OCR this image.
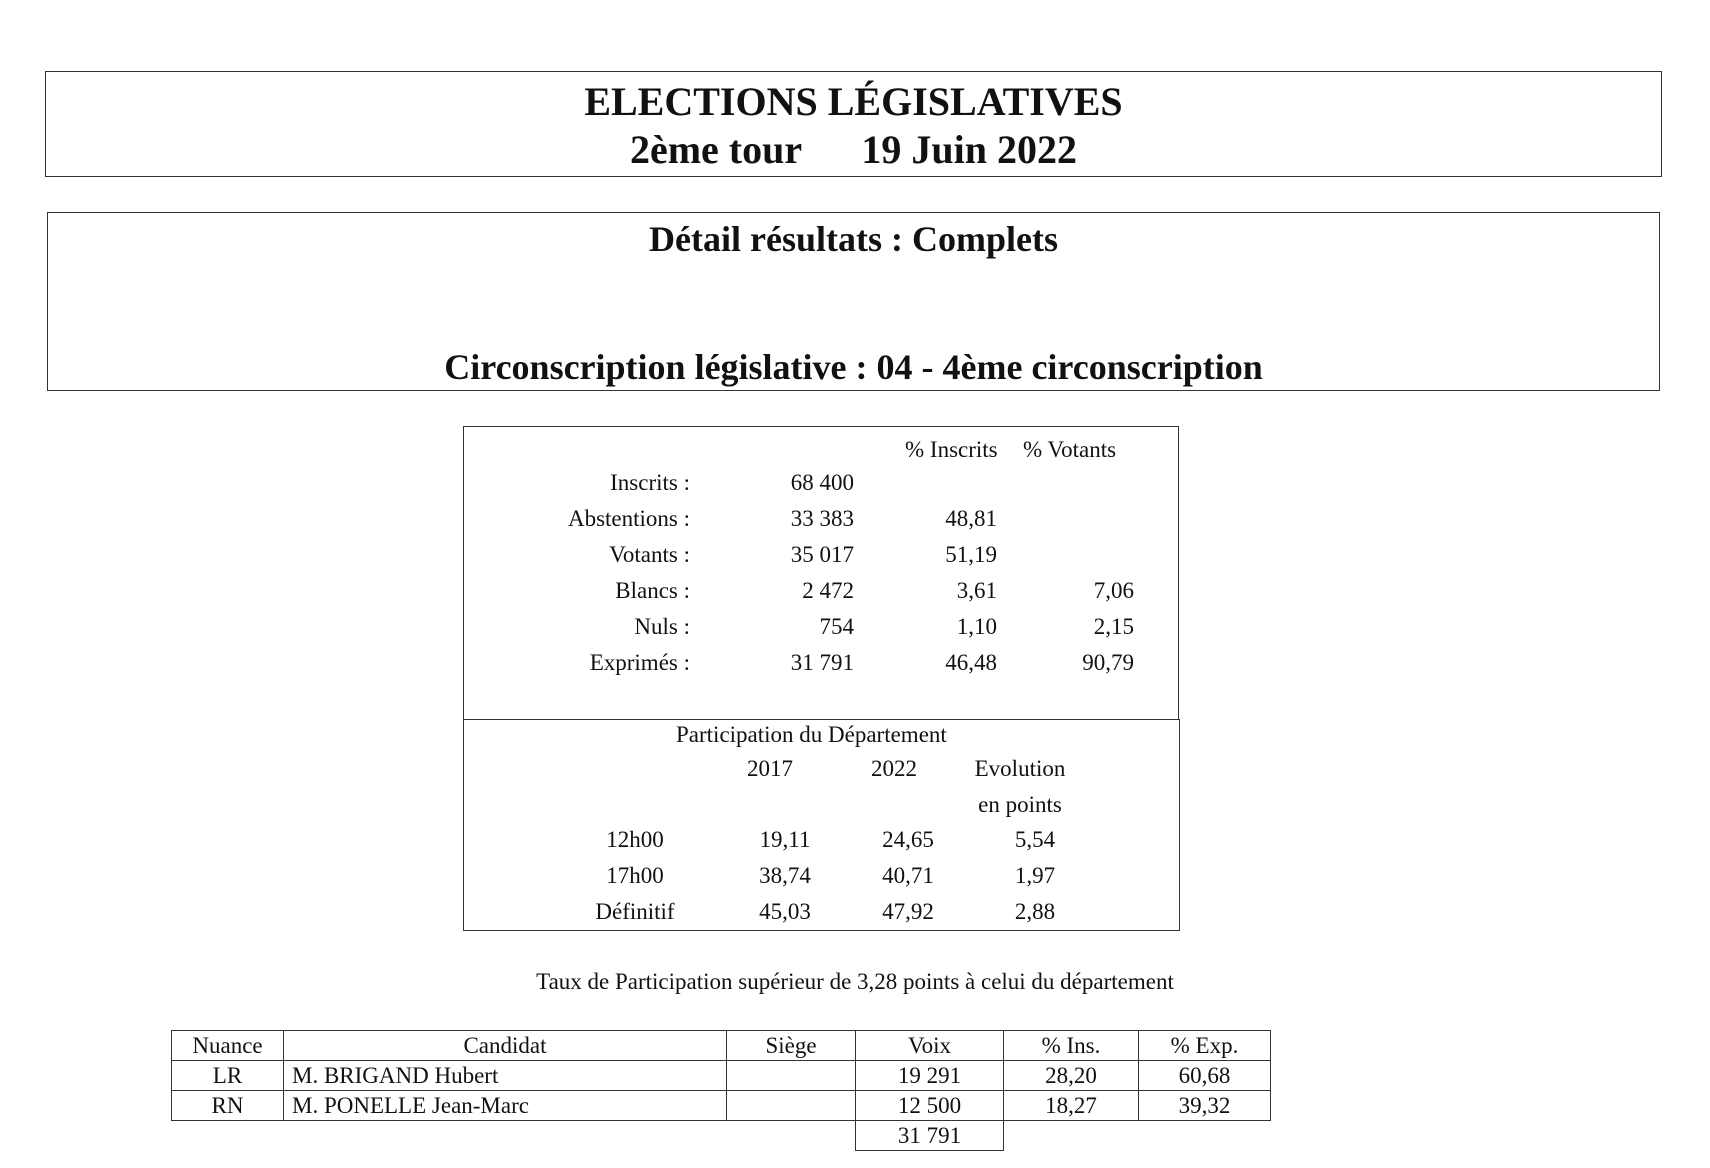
ELECTIONS LÉGISLATIVES
2ème tour 19 Juin 2022
Détail résultats : Complets
Circonscription législative : 04 - 4ème circonscription
% Inscrits % Votants
Inscrits :	68 400
Abstentions :	33 383	48,81
Votants :	35 017	51,19
Blancs :	2 472	3,61	7,06
Nuls :	754	1,10	2,15
Exprimés :	31 791	46,48	90,79
Participation du Département
2017	2022	Evolution
en points
12h00	19,11	24,65	5,54
17h00	38,74	40,71	1,97
Définitif	45,03	47,92	2,88
Taux de Participation supérieur de 3,28 points à celui du département
Nuance	Candidat	Siège	Voix	% Ins.	% Exp.
LR	M. BRIGAND Hubert		19 291	28,20	60,68
RN	M. PONELLE Jean-Marc		12 500	18,27	39,32
			31 791		
